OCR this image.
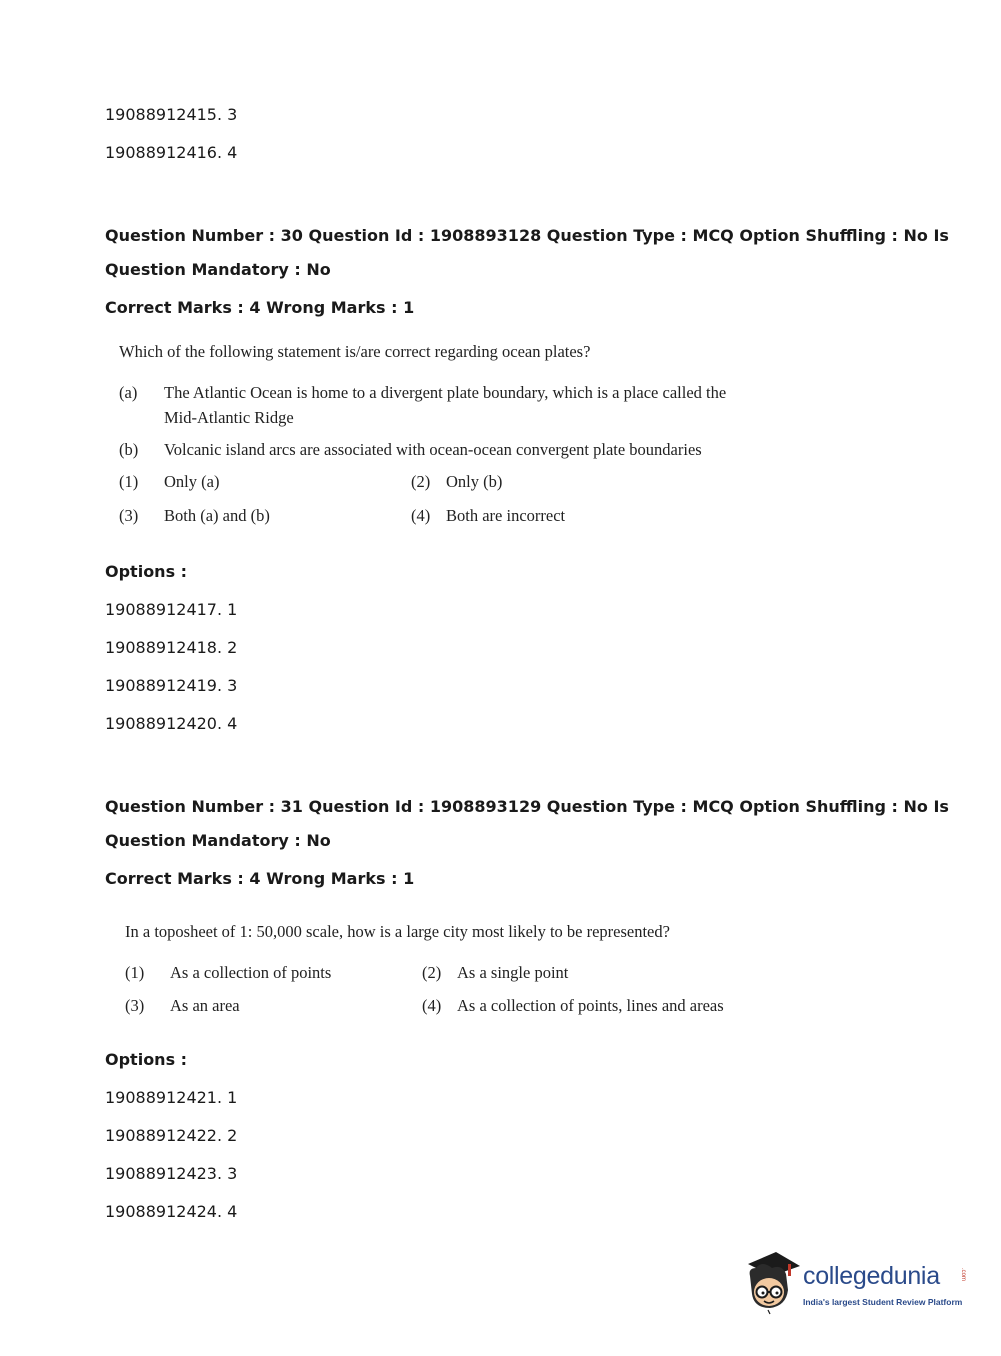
19088912415. 3
19088912416. 4
Question Number : 30 Question Id : 1908893128 Question Type : MCQ Option Shuffling : No Is
Question Mandatory : No
Correct Marks : 4 Wrong Marks : 1
Which of the following statement is/are correct regarding ocean plates?
(a) The Atlantic Ocean is home to a divergent plate boundary, which is a place called the
Mid-Atlantic Ridge
(b) Volcanic island arcs are associated with ocean-ocean convergent plate boundaries
(1) Only (a)	(2) Only (b)
(3) Both (a) and (b)	(4) Both are incorrect
Options :
19088912417. 1
19088912418. 2
19088912419. 3
19088912420. 4
Question Number : 31 Question Id : 1908893129 Question Type : MCQ Option Shuffling : No Is
Question Mandatory : No
Correct Marks : 4 Wrong Marks : 1
In a toposheet of 1: 50,000 scale, how is a large city most likely to be represented?
(1) As a collection of points	(2) As a single point
(3) As an area	(4) As a collection of points, lines and areas
Options :
19088912421. 1
19088912422. 2
19088912423. 3
19088912424. 4
collegedunia	.com
India's largest Student Review Platform
